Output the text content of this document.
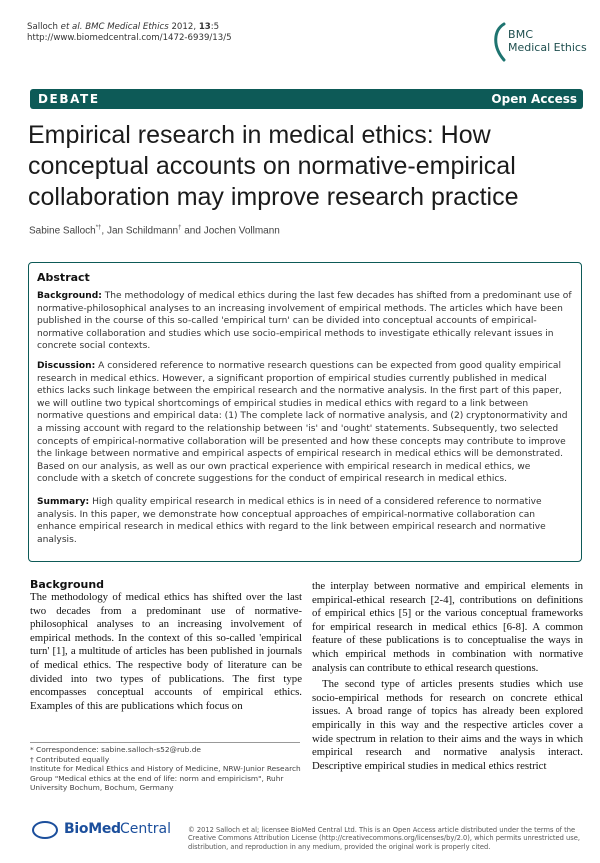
Salloch et al. BMC Medical Ethics 2012, 13:5
http://www.biomedcentral.com/1472-6939/13/5	BMC
Medical Ethics
DEBATE	Open Access
Empirical research in medical ethics: How conceptual accounts on normative-empirical collaboration may improve research practice
Sabine Salloch*†, Jan Schildmann† and Jochen Vollmann
Abstract
Background: The methodology of medical ethics during the last few decades has shifted from a predominant use of normative-philosophical analyses to an increasing involvement of empirical methods. The articles which have been published in the course of this so-called 'empirical turn' can be divided into conceptual accounts of empirical-normative collaboration and studies which use socio-empirical methods to investigate ethically relevant issues in concrete social contexts.
Discussion: A considered reference to normative research questions can be expected from good quality empirical research in medical ethics. However, a significant proportion of empirical studies currently published in medical ethics lacks such linkage between the empirical research and the normative analysis. In the first part of this paper, we will outline two typical shortcomings of empirical studies in medical ethics with regard to a link between normative questions and empirical data: (1) The complete lack of normative analysis, and (2) cryptonormativity and a missing account with regard to the relationship between 'is' and 'ought' statements. Subsequently, two selected concepts of empirical-normative collaboration will be presented and how these concepts may contribute to improve the linkage between normative and empirical aspects of empirical research in medical ethics will be demonstrated. Based on our analysis, as well as our own practical experience with empirical research in medical ethics, we conclude with a sketch of concrete suggestions for the conduct of empirical research in medical ethics.
Summary: High quality empirical research in medical ethics is in need of a considered reference to normative analysis. In this paper, we demonstrate how conceptual approaches of empirical-normative collaboration can enhance empirical research in medical ethics with regard to the link between empirical research and normative analysis.
Background
The methodology of medical ethics has shifted over the last two decades from a predominant use of normative-philosophical analyses to an increasing involvement of empirical methods. In the context of this so-called 'empirical turn' [1], a multitude of articles has been published in journals of medical ethics. The respective body of literature can be divided into two types of publications. The first type encompasses conceptual accounts of empirical ethics. Examples of this are publications which focus on
the interplay between normative and empirical elements in empirical-ethical research [2-4], contributions on definitions of empirical ethics [5] or the various conceptual frameworks for empirical research in medical ethics [6-8]. A common feature of these publications is to conceptualise the ways in which empirical methods in combination with normative analysis can contribute to ethical research questions.
The second type of articles presents studies which use socio-empirical methods for research on concrete ethical issues. A broad range of topics has already been explored empirically in this way and the respective articles cover a wide spectrum in relation to their aims and the ways in which empirical research and normative analysis interact. Descriptive empirical studies in medical ethics restrict
* Correspondence: sabine.salloch-s52@rub.de
† Contributed equally
Institute for Medical Ethics and History of Medicine, NRW-Junior Research Group "Medical ethics at the end of life: norm and empiricism", Ruhr University Bochum, Bochum, Germany
BioMed Central	© 2012 Salloch et al; licensee BioMed Central Ltd. This is an Open Access article distributed under the terms of the Creative Commons Attribution License (http://creativecommons.org/licenses/by/2.0), which permits unrestricted use, distribution, and reproduction in any medium, provided the original work is properly cited.
